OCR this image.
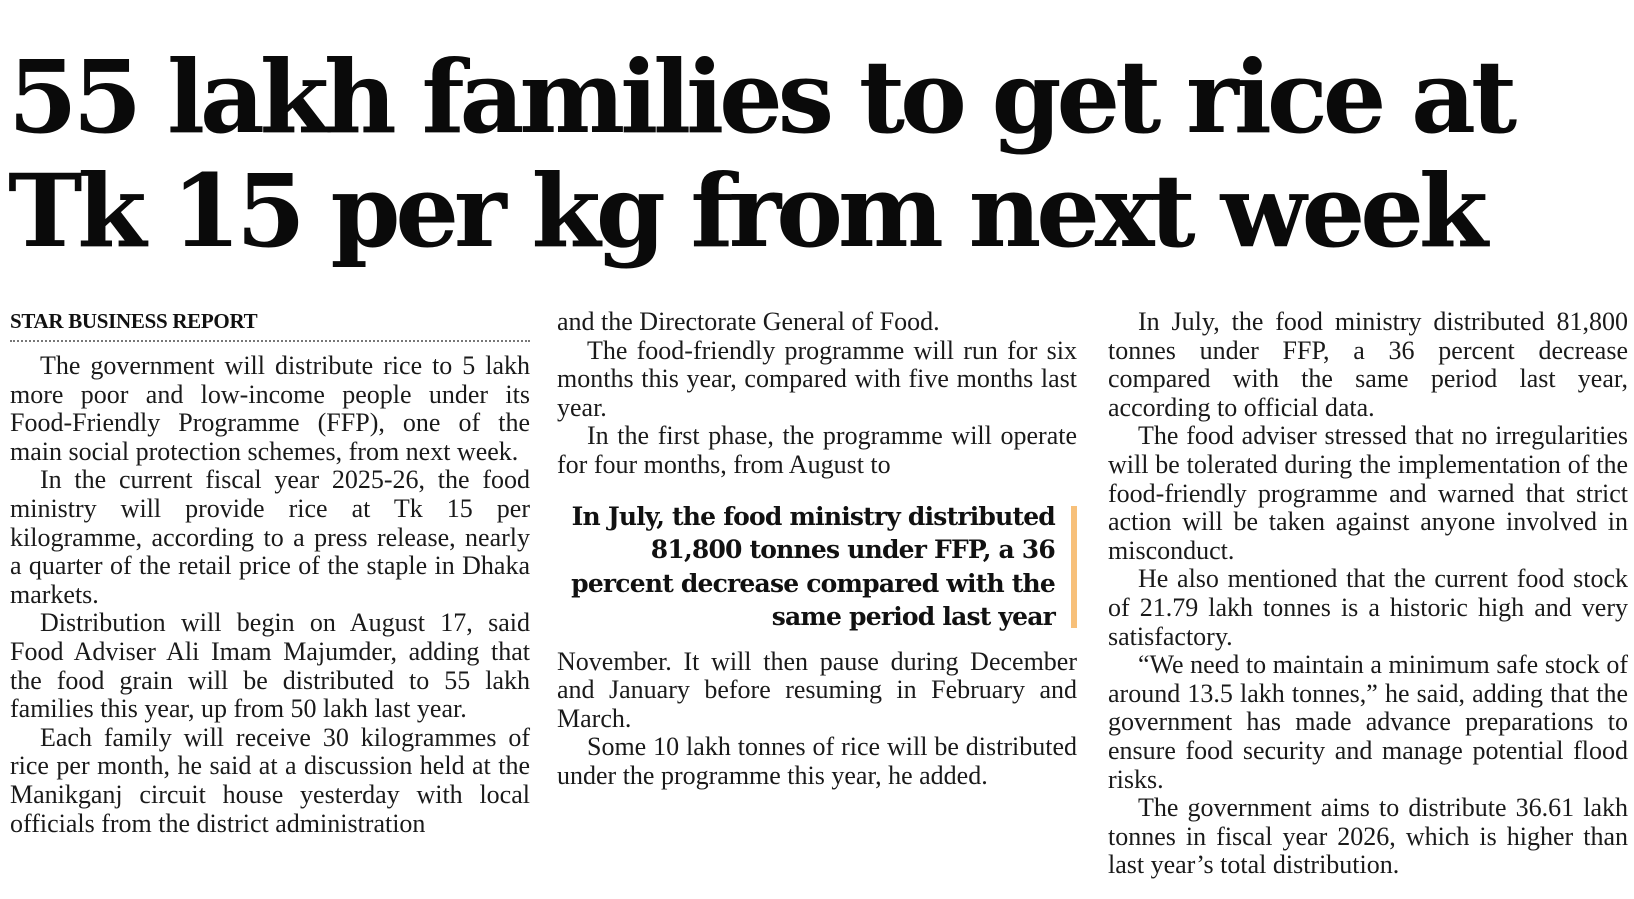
55 lakh families to get rice at
Tk 15 per kg from next week
STAR BUSINESS REPORT

The government will distribute rice to 5 lakh more poor and low-income people under its Food-Friendly Programme (FFP), one of the main social protection schemes, from next week.

In the current fiscal year 2025-26, the food ministry will provide rice at Tk 15 per kilogramme, according to a press release, nearly a quarter of the retail price of the staple in Dhaka markets.

Distribution will begin on August 17, said Food Adviser Ali Imam Majumder, adding that the food grain will be distributed to 55 lakh families this year, up from 50 lakh last year.

Each family will receive 30 kilogrammes of rice per month, he said at a discussion held at the Manikganj circuit house yesterday with local officials from the district administration

and the Directorate General of Food.

The food-friendly programme will run for six months this year, compared with five months last year.

In the first phase, the programme will operate for four months, from August to

In July, the food ministry distributed 81,800 tonnes under FFP, a 36 percent decrease compared with the same period last year

November. It will then pause during December and January before resuming in February and March.

Some 10 lakh tonnes of rice will be distributed under the programme this year, he added.

In July, the food ministry distributed 81,800 tonnes under FFP, a 36 percent decrease compared with the same period last year, according to official data.

The food adviser stressed that no irregularities will be tolerated during the implementation of the food-friendly programme and warned that strict action will be taken against anyone involved in misconduct.

He also mentioned that the current food stock of 21.79 lakh tonnes is a historic high and very satisfactory.

“We need to maintain a minimum safe stock of around 13.5 lakh tonnes,” he said, adding that the government has made advance preparations to ensure food security and manage potential flood risks.

The government aims to distribute 36.61 lakh tonnes in fiscal year 2026, which is higher than last year’s total distribution.
